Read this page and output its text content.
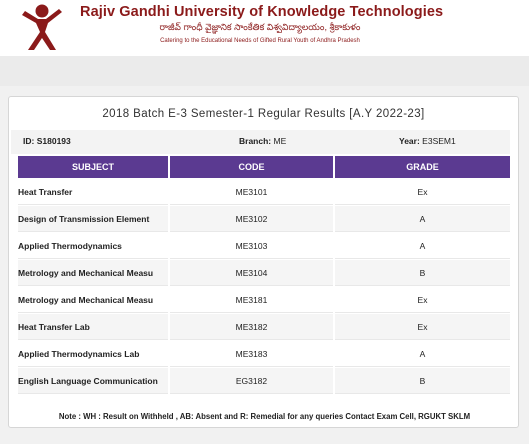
Rajiv Gandhi University of Knowledge Technologies
రాజీవ్ గాంధీ వైజ్ఞానిక సాంకేతిక విశ్వవిద్యాలయం, శ్రీకాకుళం
Catering to the Educational Needs of Gifted Rural Youth of Andhra Pradesh
2018 Batch E-3 Semester-1 Regular Results [A.Y 2022-23]
ID: S180193	Branch: ME	Year: E3SEM1
SUBJECT	CODE	GRADE
Heat Transfer	ME3101	Ex
Design of Transmission Element	ME3102	A
Applied Thermodynamics	ME3103	A
Metrology and Mechanical Measu	ME3104	B
Metrology and Mechanical Measu	ME3181	Ex
Heat Transfer Lab	ME3182	Ex
Applied Thermodynamics Lab	ME3183	A
English Language Communication	EG3182	B
Note : WH : Result on Withheld , AB: Absent and R: Remedial for any queries Contact Exam Cell, RGUKT SKLM
